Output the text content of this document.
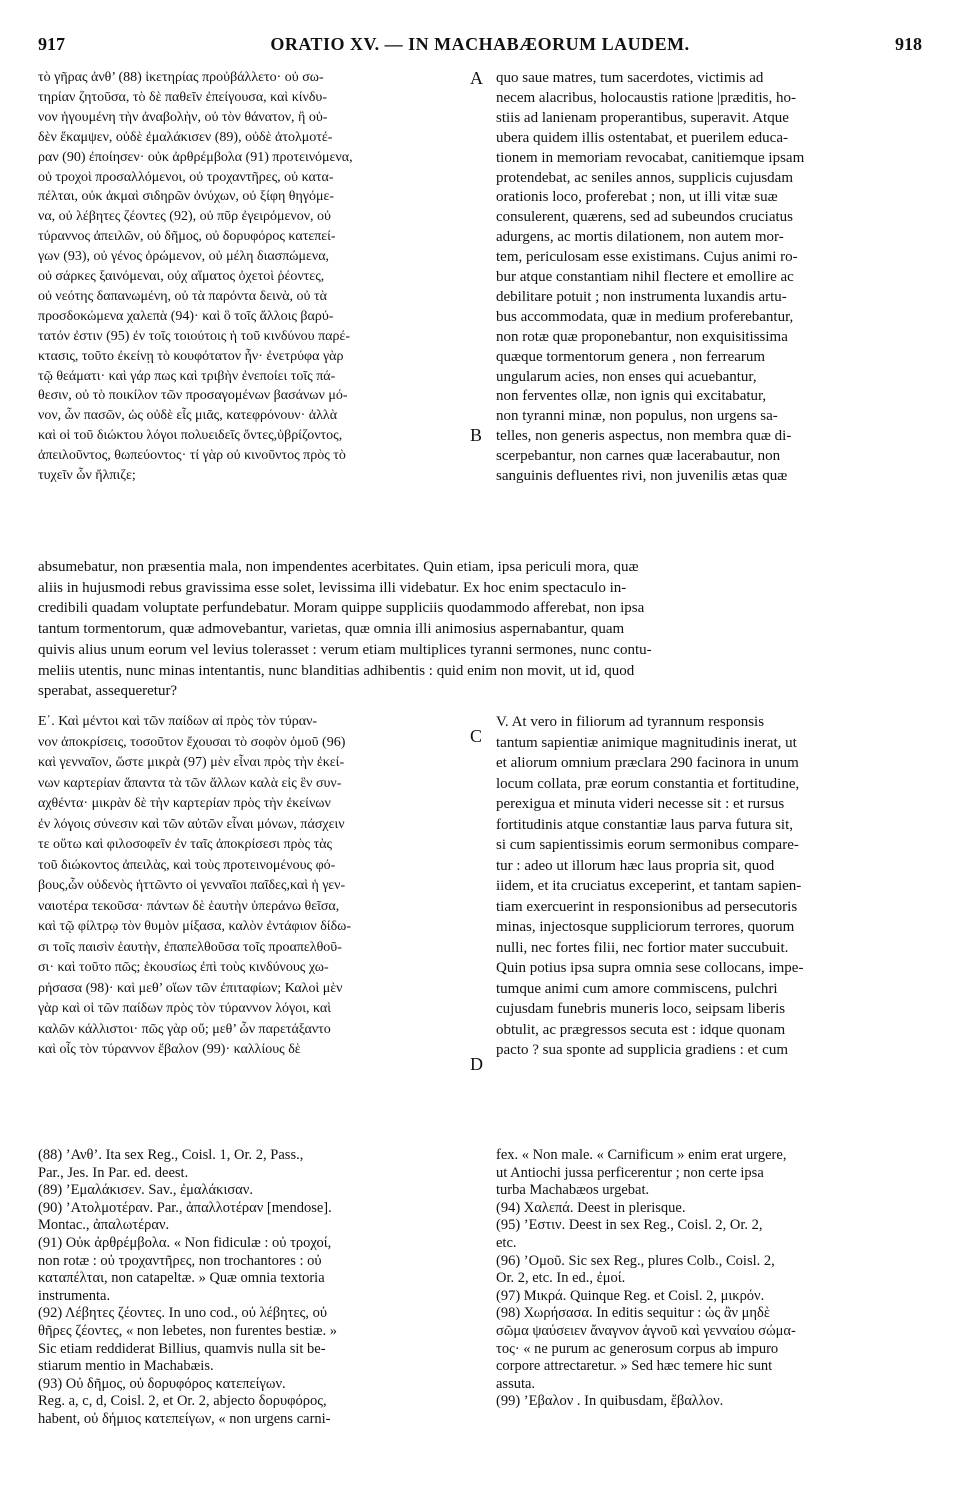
917	ORATIO XV. — IN MACHABÆORUM LAUDEM.	918
A
B
C
D
τὸ γῆρας ἀνθ’ (88) ἱκετηρίας προὐβάλλετο· οὐ σω-
τηρίαν ζητοῦσα, τὸ δὲ παθεῖν ἐπείγουσα, καὶ κίνδυ-
νον ἡγουμένη τὴν ἀναβολὴν, οὐ τὸν θάνατον, ἢ οὐ-
δὲν ἔκαμψεν, οὐδὲ ἐμαλάκισεν (89), οὐδὲ ἀτολμοτέ-
ραν (90) ἐποίησεν· οὐκ ἀρθρέμβολα (91) προτεινόμενα,
οὐ τροχοὶ προσαλλόμενοι, οὐ τροχαντῆρες, οὐ κατα-
πέλται, οὐκ ἀκμαὶ σιδηρῶν ὀνύχων, οὐ ξίφη θηγόμε-
να, οὐ λέβητες ζέοντες (92), οὐ πῦρ ἐγειρόμενον, οὐ
τύραννος ἀπειλῶν, οὐ δῆμος, οὐ δορυφόρος κατεπεί-
γων (93), οὐ γένος ὁρώμενον, οὐ μέλη διασπώμενα,
οὐ σάρκες ξαινόμεναι, οὐχ αἵματος ὀχετοὶ ῥέοντες,
οὐ νεότης δαπανωμένη, οὐ τὰ παρόντα δεινὰ, οὐ τὰ
προσδοκώμενα χαλεπὰ (94)· καὶ ὃ τοῖς ἄλλοις βαρύ-
τατόν ἐστιν (95) ἐν τοῖς τοιούτοις ἡ τοῦ κινδύνου παρέ-
κτασις, τοῦτο ἐκείνῃ τὸ κουφότατον ἦν· ἐνετρύφα γὰρ
τῷ θεάματι· καὶ γάρ πως καὶ τριβὴν ἐνεποίει τοῖς πά-
θεσιν, οὐ τὸ ποικίλον τῶν προσαγομένων βασάνων μό-
νον, ὧν πασῶν, ὡς οὐδὲ εἷς μιᾶς, κατεφρόνουν· ἀλλὰ
καὶ οἱ τοῦ διώκτου λόγοι πολυειδεῖς ὄντες,ὑβρίζοντος,
ἀπειλοῦντος, θωπεύοντος· τί γὰρ οὐ κινοῦντος πρὸς τὸ
τυχεῖν ὧν ἤλπιζε;
quo saue matres, tum sacerdotes, victimis ad
necem alacribus, holocaustis ratione |præditis, ho-
stiis ad lanienam properantibus, superavit. Atque
ubera quidem illis ostentabat, et puerilem educa-
tionem in memoriam revocabat, canitiemque ipsam
protendebat, ac seniles annos, supplicis cujusdam
orationis loco, proferebat ; non, ut illi vitæ suæ
consulerent, quærens, sed ad subeundos cruciatus
adurgens, ac mortis dilationem, non autem mor-
tem, periculosam esse existimans. Cujus animi ro-
bur atque constantiam nihil flectere et emollire ac
debilitare potuit ; non instrumenta luxandis artu-
bus accommodata, quæ in medium proferebantur,
non rotæ quæ proponebantur, non exquisitissima
quæque tormentorum genera , non ferrearum
ungularum acies, non enses qui acuebantur,
non ferventes ollæ, non ignis qui excitabatur,
non tyranni minæ, non populus, non urgens sa-
telles, non generis aspectus, non membra quæ di-
scerpebantur, non carnes quæ lacerabautur, non
sanguinis defluentes rivi, non juvenilis ætas quæ
absumebatur, non præsentia mala, non impendentes acerbitates. Quin etiam, ipsa periculi mora, quæ
aliis in hujusmodi rebus gravissima esse solet, levissima illi videbatur. Ex hoc enim spectaculo in-
credibili quadam voluptate perfundebatur. Moram quippe suppliciis quodammodo afferebat, non ipsa
tantum tormentorum, quæ admovebantur, varietas, quæ omnia illi animosius aspernabantur, quam
quivis alius unum eorum vel levius tolerasset : verum etiam multiplices tyranni sermones, nunc contu-
meliis utentis, nunc minas intentantis, nunc blanditias adhibentis : quid enim non movit, ut id, quod
sperabat, assequeretur?
Ε΄. Καὶ μέντοι καὶ τῶν παίδων αἱ πρὸς τὸν τύραν-
νον ἀποκρίσεις, τοσοῦτον ἔχουσαι τὸ σοφὸν ὁμοῦ (96)
καὶ γενναῖον, ὥστε μικρὰ (97) μὲν εἶναι πρὸς τὴν ἐκεί-
νων καρτερίαν ἅπαντα τὰ τῶν ἄλλων καλὰ εἰς ἓν συν-
αχθέντα· μικρὰν δὲ τὴν καρτερίαν πρὸς τὴν ἐκείνων
ἐν λόγοις σύνεσιν καὶ τῶν αὐτῶν εἶναι μόνων, πάσχειν
τε οὕτω καὶ φιλοσοφεῖν ἐν ταῖς ἀποκρίσεσι πρὸς τὰς
τοῦ διώκοντος ἀπειλὰς, καὶ τοὺς προτεινομένους φό-
βους,ὧν οὐδενὸς ἡττῶντο οἱ γενναῖοι παῖδες,καὶ ἡ γεν-
ναιοτέρα τεκοῦσα· πάντων δὲ ἑαυτὴν ὑπεράνω θεῖσα,
καὶ τῷ φίλτρῳ τὸν θυμὸν μίξασα, καλὸν ἐντάφιον δίδω-
σι τοῖς παισὶν ἑαυτὴν, ἐπαπελθοῦσα τοῖς προαπελθοῦ-
σι· καὶ τοῦτο πῶς; ἑκουσίως ἐπὶ τοὺς κινδύνους χω-
ρήσασα (98)· καὶ μεθ’ οἵων τῶν ἐπιταφίων; Καλοὶ μὲν
γὰρ καὶ οἱ τῶν παίδων πρὸς τὸν τύραννον λόγοι, καὶ
καλῶν κάλλιστοι· πῶς γὰρ οὔ; μεθ’ ὧν παρετάξαντο
καὶ οἷς τὸν τύραννον ἔβαλον (99)· καλλίους δὲ
V. At vero in filiorum ad tyrannum responsis
tantum sapientiæ animique magnitudinis inerat, ut
et aliorum omnium præclara 290 facinora in unum
locum collata, præ eorum constantia et fortitudine,
perexigua et minuta videri necesse sit : et rursus
fortitudinis atque constantiæ laus parva futura sit,
si cum sapientissimis eorum sermonibus compare-
tur : adeo ut illorum hæc laus propria sit, quod
iidem, et ita cruciatus exceperint, et tantam sapien-
tiam exercuerint in responsionibus ad persecutoris
minas, injectosque suppliciorum terrores, quorum
nulli, nec fortes filii, nec fortior mater succubuit.
Quin potius ipsa supra omnia sese collocans, impe-
tumque animi cum amore commiscens, pulchri
cujusdam funebris muneris loco, seipsam liberis
obtulit, ac prægressos secuta est : idque quonam
pacto ? sua sponte ad supplicia gradiens : et cum
(88) ’Ανθ’. Ita sex Reg., Coisl. 1, Or. 2, Pass.,
Par., Jes. In Par. ed. deest.
(89) ’Εμαλάκισεν. Sav., ἐμαλάκισαν.
(90) ’Ατολμοτέραν. Par., ἀπαλλοτέραν [mendose].
Montac., ἀπαλωτέραν.
(91) Οὐκ ἀρθρέμβολα. « Non fidiculæ : οὐ τροχοί,
non rotæ : οὐ τροχαντῆρες, non trochantores : οὐ
καταπέλται, non catapeltæ. » Quæ omnia textoria
instrumenta.
(92) Λέβητες ζέοντες. In uno cod., οὐ λέβητες, οὐ
θῆρες ζέοντες, « non lebetes, non furentes bestiæ. »
Sic etiam reddiderat Billius, quamvis nulla sit be-
stiarum mentio in Machabæis.
(93) Οὐ δῆμος, οὐ δορυφόρος κατεπείγων.
Reg. a, c, d, Coisl. 2, et Or. 2, abjecto δορυφόρος,
habent, οὐ δήμιος κατεπείγων, « non urgens carni-
fex. « Non male. « Carnificum » enim erat urgere,
ut Antiochi jussa perficerentur ; non certe ipsa
turba Machabæos urgebat.
(94) Χαλεπά. Deest in plerisque.
(95) ’Εστιν. Deest in sex Reg., Coisl. 2, Or. 2,
etc.
(96) ’Ομοῦ. Sic sex Reg., plures Colb., Coisl. 2,
Or. 2, etc. In ed., ἐμοί.
(97) Μικρά. Quinque Reg. et Coisl. 2, μικρόν.
(98) Χωρήσασα. In editis sequitur : ὡς ἂν μηδὲ
σῶμα ψαύσειεν ἄναγνον ἁγνοῦ καὶ γενναίου σώμα-
τος· « ne purum ac generosum corpus ab impuro
corpore attrectaretur. » Sed hæc temere hic sunt
assuta.
(99) ’Εβαλον . In quibusdam, ἔβαλλον.
